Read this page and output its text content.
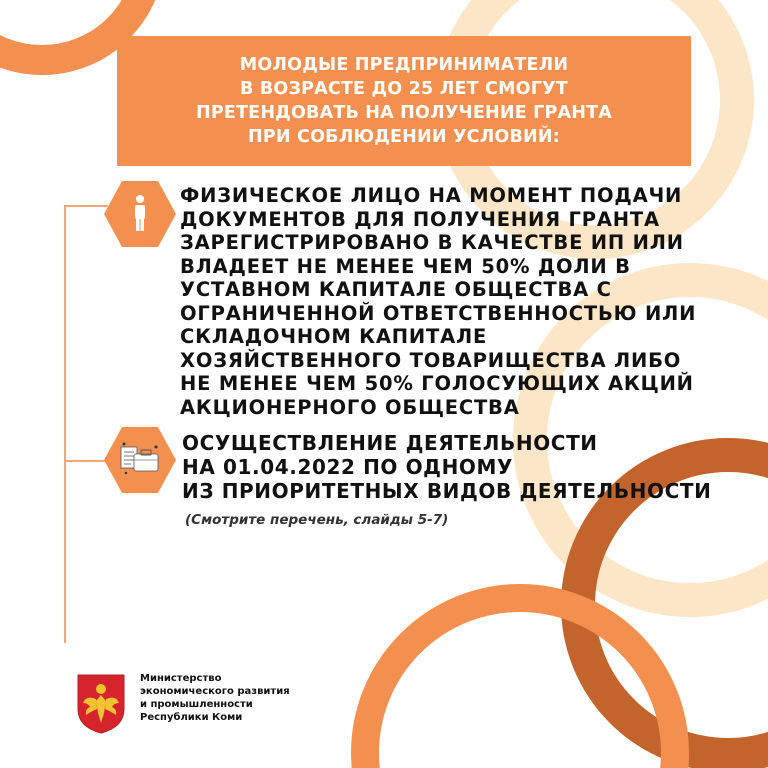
МОЛОДЫЕ ПРЕДПРИНИМАТЕЛИ
В ВОЗРАСТЕ ДО 25 ЛЕТ СМОГУТ
ПРЕТЕНДОВАТЬ НА ПОЛУЧЕНИЕ ГРАНТА
ПРИ СОБЛЮДЕНИИ УСЛОВИЙ:
ФИЗИЧЕСКОЕ ЛИЦО НА МОМЕНТ ПОДАЧИ
ДОКУМЕНТОВ ДЛЯ ПОЛУЧЕНИЯ ГРАНТА
ЗАРЕГИСТРИРОВАНО В КАЧЕСТВЕ ИП ИЛИ
ВЛАДЕЕТ НЕ МЕНЕЕ ЧЕМ 50% ДОЛИ В
УСТАВНОМ КАПИТАЛЕ ОБЩЕСТВА С
ОГРАНИЧЕННОЙ ОТВЕТСТВЕННОСТЬЮ ИЛИ
СКЛАДОЧНОМ КАПИТАЛЕ
ХОЗЯЙСТВЕННОГО ТОВАРИЩЕСТВА ЛИБО
НЕ МЕНЕЕ ЧЕМ 50% ГОЛОСУЮЩИХ АКЦИЙ
АКЦИОНЕРНОГО ОБЩЕСТВА
ОСУЩЕСТВЛЕНИЕ ДЕЯТЕЛЬНОСТИ
НА 01.04.2022 ПО ОДНОМУ
ИЗ ПРИОРИТЕТНЫХ ВИДОВ ДЕЯТЕЛЬНОСТИ
(Смотрите перечень, слайды 5-7)
Министерство
экономического развития
и промышленности
Республики Коми
